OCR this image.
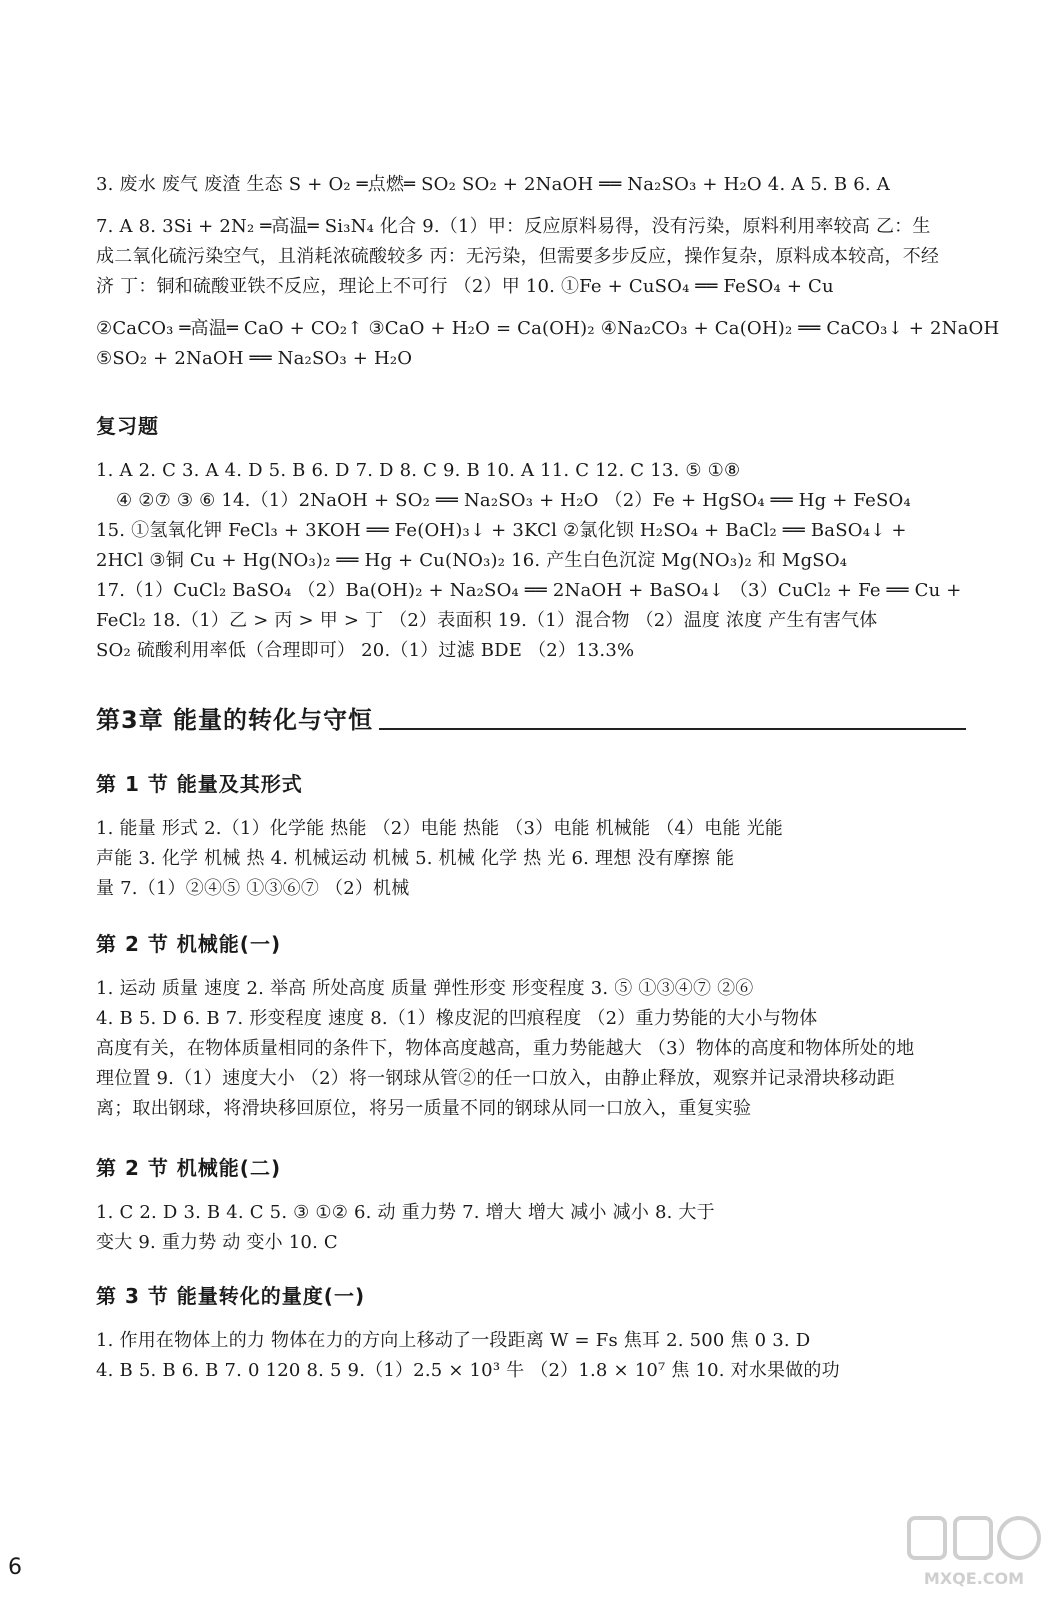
3. 废水 废气 废渣 生态 S + O₂ ═点燃═ SO₂ SO₂ + 2NaOH ══ Na₂SO₃ + H₂O 4. A 5. B 6. A
7. A 8. 3Si + 2N₂ ═高温═ Si₃N₄ 化合 9.（1）甲：反应原料易得，没有污染，原料利用率较高 乙：生
成二氧化硫污染空气，且消耗浓硫酸较多 丙：无污染，但需要多步反应，操作复杂，原料成本较高，不经
济 丁：铜和硫酸亚铁不反应，理论上不可行 （2）甲 10. ①Fe + CuSO₄ ══ FeSO₄ + Cu
②CaCO₃ ═高温═ CaO + CO₂↑ ③CaO + H₂O = Ca(OH)₂ ④Na₂CO₃ + Ca(OH)₂ ══ CaCO₃↓ + 2NaOH
⑤SO₂ + 2NaOH ══ Na₂SO₃ + H₂O
复习题
1. A 2. C 3. A 4. D 5. B 6. D 7. D 8. C 9. B 10. A 11. C 12. C 13. ⑤ ①⑧
④ ②⑦ ③ ⑥ 14.（1）2NaOH + SO₂ ══ Na₂SO₃ + H₂O （2）Fe + HgSO₄ ══ Hg + FeSO₄
15. ①氢氧化钾 FeCl₃ + 3KOH ══ Fe(OH)₃↓ + 3KCl ②氯化钡 H₂SO₄ + BaCl₂ ══ BaSO₄↓ +
2HCl ③铜 Cu + Hg(NO₃)₂ ══ Hg + Cu(NO₃)₂ 16. 产生白色沉淀 Mg(NO₃)₂ 和 MgSO₄
17.（1）CuCl₂ BaSO₄ （2）Ba(OH)₂ + Na₂SO₄ ══ 2NaOH + BaSO₄↓ （3）CuCl₂ + Fe ══ Cu +
FeCl₂ 18.（1）乙 > 丙 > 甲 > 丁 （2）表面积 19.（1）混合物 （2）温度 浓度 产生有害气体
SO₂ 硫酸利用率低（合理即可） 20.（1）过滤 BDE （2）13.3%
第3章 能量的转化与守恒
第 1 节 能量及其形式
1. 能量 形式 2.（1）化学能 热能 （2）电能 热能 （3）电能 机械能 （4）电能 光能
声能 3. 化学 机械 热 4. 机械运动 机械 5. 机械 化学 热 光 6. 理想 没有摩擦 能
量 7.（1）②④⑤ ①③⑥⑦ （2）机械
第 2 节 机械能(一)
1. 运动 质量 速度 2. 举高 所处高度 质量 弹性形变 形变程度 3. ⑤ ①③④⑦ ②⑥
4. B 5. D 6. B 7. 形变程度 速度 8.（1）橡皮泥的凹痕程度 （2）重力势能的大小与物体
高度有关，在物体质量相同的条件下，物体高度越高，重力势能越大 （3）物体的高度和物体所处的地
理位置 9.（1）速度大小 （2）将一钢球从管②的任一口放入，由静止释放，观察并记录滑块移动距
离；取出钢球，将滑块移回原位，将另一质量不同的钢球从同一口放入，重复实验
第 2 节 机械能(二)
1. C 2. D 3. B 4. C 5. ③ ①② 6. 动 重力势 7. 增大 增大 减小 减小 8. 大于
变大 9. 重力势 动 变小 10. C
第 3 节 能量转化的量度(一)
1. 作用在物体上的力 物体在力的方向上移动了一段距离 W = Fs 焦耳 2. 500 焦 0 3. D
4. B 5. B 6. B 7. 0 120 8. 5 9.（1）2.5 × 10³ 牛 （2）1.8 × 10⁷ 焦 10. 对水果做的功
6	MXQE.COM
